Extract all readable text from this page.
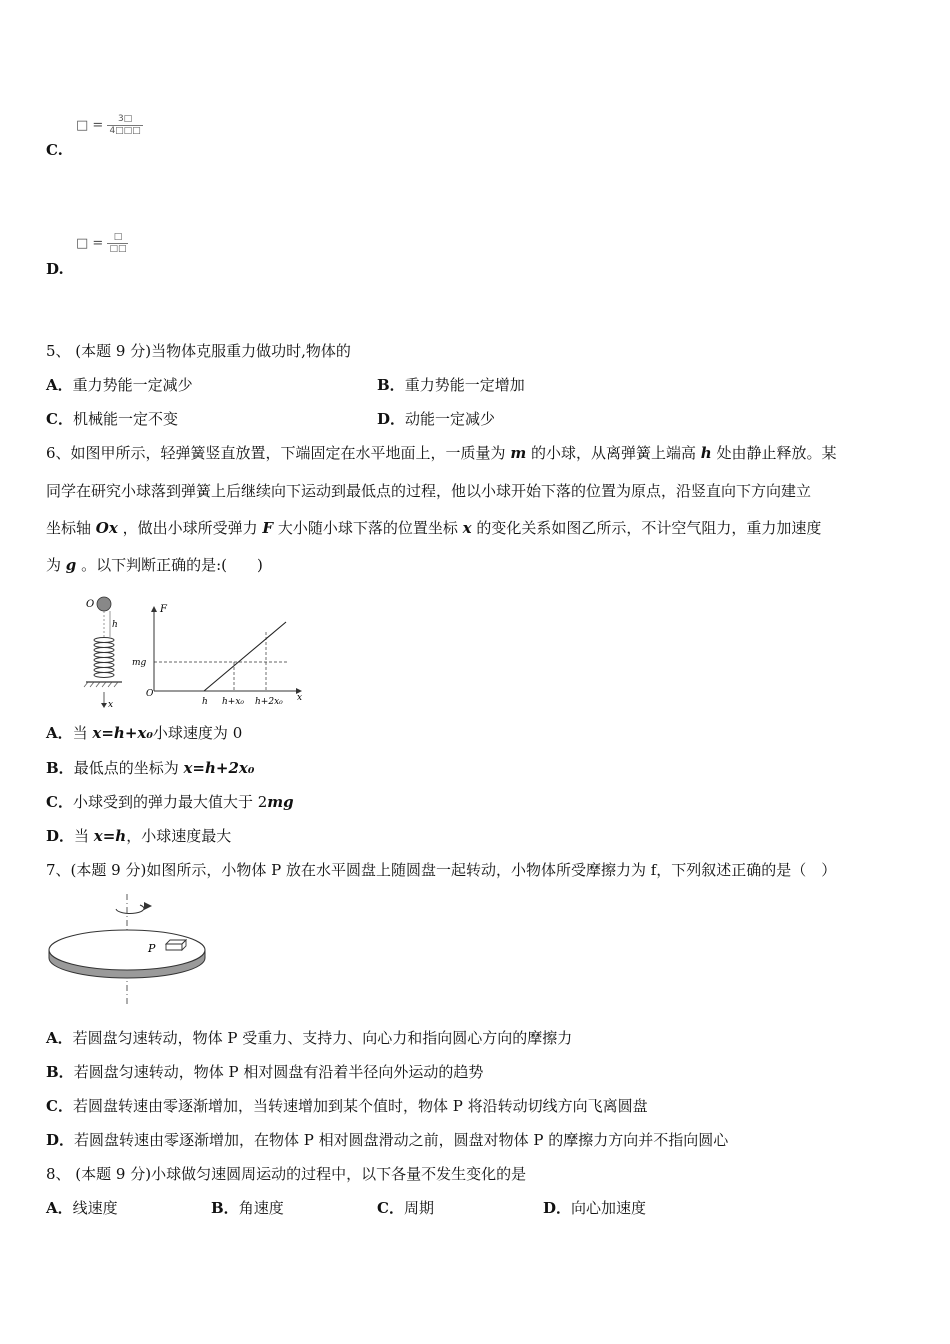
□ = $\frac{3□}{4□□□}$
C.
□ = $\frac{□}{□□}$
D.
5、 (本题 9 分)当物体克服重力做功时,物体的
A．重力势能一定减少	B．重力势能一定增加
C．机械能一定不变	D．动能一定减少
6、如图甲所示，轻弹簧竖直放置，下端固定在水平地面上，一质量为 m 的小球，从离弹簧上端高 h 处由静止释放。某
同学在研究小球落到弹簧上后继续向下运动到最低点的过程，他以小球开始下落的位置为原点，沿竖直向下方向建立
坐标轴 Ox ，做出小球所受弹力 F 大小随小球下落的位置坐标 x 的变化关系如图乙所示，不计空气阻力，重力加速度
为 g 。以下判断正确的是:(　　)
O
h
x
F
mg
O
h h+x₀ h+2x₀ x
A．当 x=h+x₀小球速度为 0
B．最低点的坐标为 x=h+2x₀
C．小球受到的弹力最大值大于 2mg
D．当 x=h，小球速度最大
7、(本题 9 分)如图所示，小物体 P 放在水平圆盘上随圆盘一起转动，小物体所受摩擦力为 f，下列叙述正确的是（　）
P
A．若圆盘匀速转动，物体 P 受重力、支持力、向心力和指向圆心方向的摩擦力
B．若圆盘匀速转动，物体 P 相对圆盘有沿着半径向外运动的趋势
C．若圆盘转速由零逐渐增加，当转速增加到某个值时，物体 P 将沿转动切线方向飞离圆盘
D．若圆盘转速由零逐渐增加，在物体 P 相对圆盘滑动之前，圆盘对物体 P 的摩擦力方向并不指向圆心
8、 (本题 9 分)小球做匀速圆周运动的过程中，以下各量不发生变化的是
A．线速度	B．角速度	C．周期	D．向心加速度
